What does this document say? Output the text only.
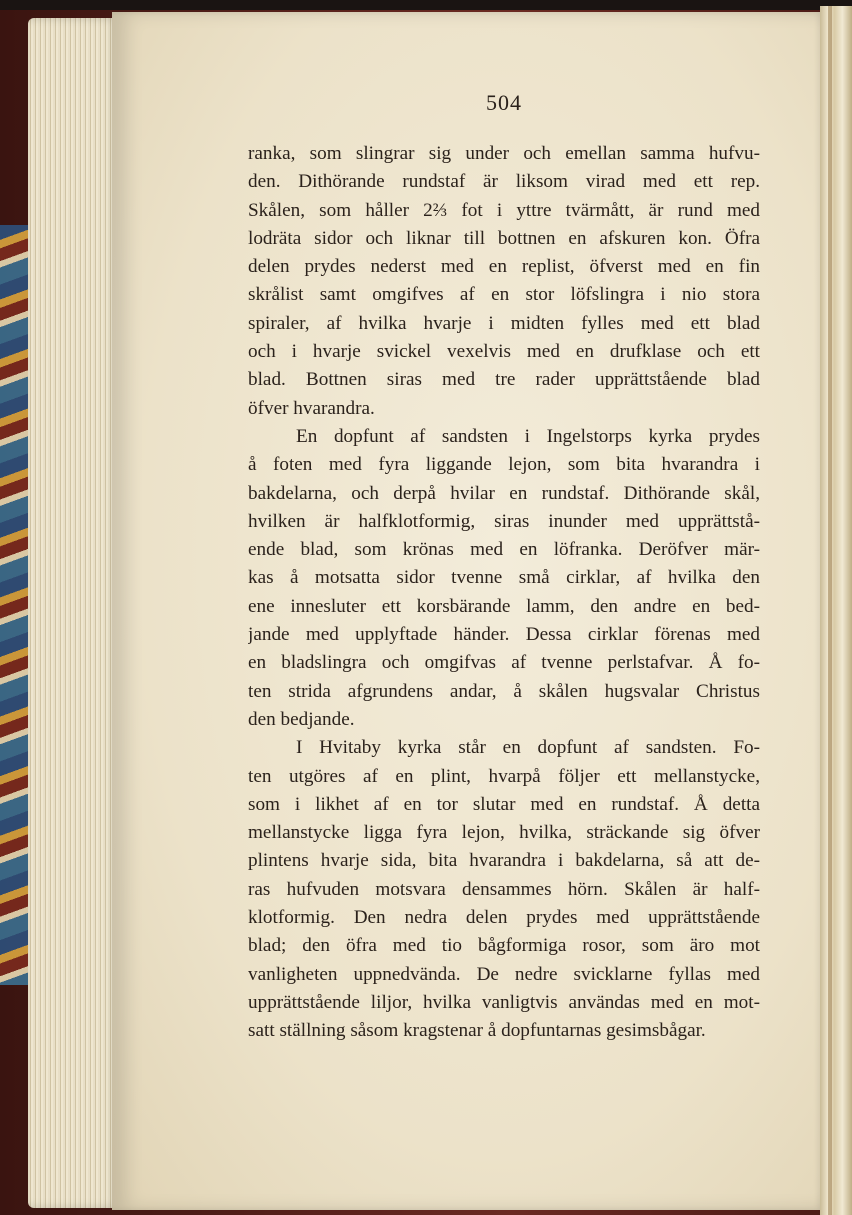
504
ranka, som slingrar sig under och emellan samma hufvu-
den. Dithörande rundstaf är liksom virad med ett rep.
Skålen, som håller 2⅔ fot i yttre tvärmått, är rund med
lodräta sidor och liknar till bottnen en afskuren kon. Öfra
delen prydes nederst med en replist, öfverst med en fin
skrålist samt omgifves af en stor löfslingra i nio stora
spiraler, af hvilka hvarje i midten fylles med ett blad
och i hvarje svickel vexelvis med en drufklase och ett
blad. Bottnen siras med tre rader upprättstående blad
öfver hvarandra.
En dopfunt af sandsten i Ingelstorps kyrka prydes
å foten med fyra liggande lejon, som bita hvarandra i
bakdelarna, och derpå hvilar en rundstaf. Dithörande skål,
hvilken är halfklotformig, siras inunder med upprättstå-
ende blad, som krönas med en löfranka. Deröfver mär-
kas å motsatta sidor tvenne små cirklar, af hvilka den
ene innesluter ett korsbärande lamm, den andre en bed-
jande med upplyftade händer. Dessa cirklar förenas med
en bladslingra och omgifvas af tvenne perlstafvar. Å fo-
ten strida afgrundens andar, å skålen hugsvalar Christus
den bedjande.
I Hvitaby kyrka står en dopfunt af sandsten. Fo-
ten utgöres af en plint, hvarpå följer ett mellanstycke,
som i likhet af en tor slutar med en rundstaf. Å detta
mellanstycke ligga fyra lejon, hvilka, sträckande sig öfver
plintens hvarje sida, bita hvarandra i bakdelarna, så att de-
ras hufvuden motsvara densammes hörn. Skålen är half-
klotformig. Den nedra delen prydes med upprättstående
blad; den öfra med tio bågformiga rosor, som äro mot
vanligheten uppnedvända. De nedre svicklarne fyllas med
upprättstående liljor, hvilka vanligtvis användas med en mot-
satt ställning såsom kragstenar å dopfuntarnas gesimsbågar.
